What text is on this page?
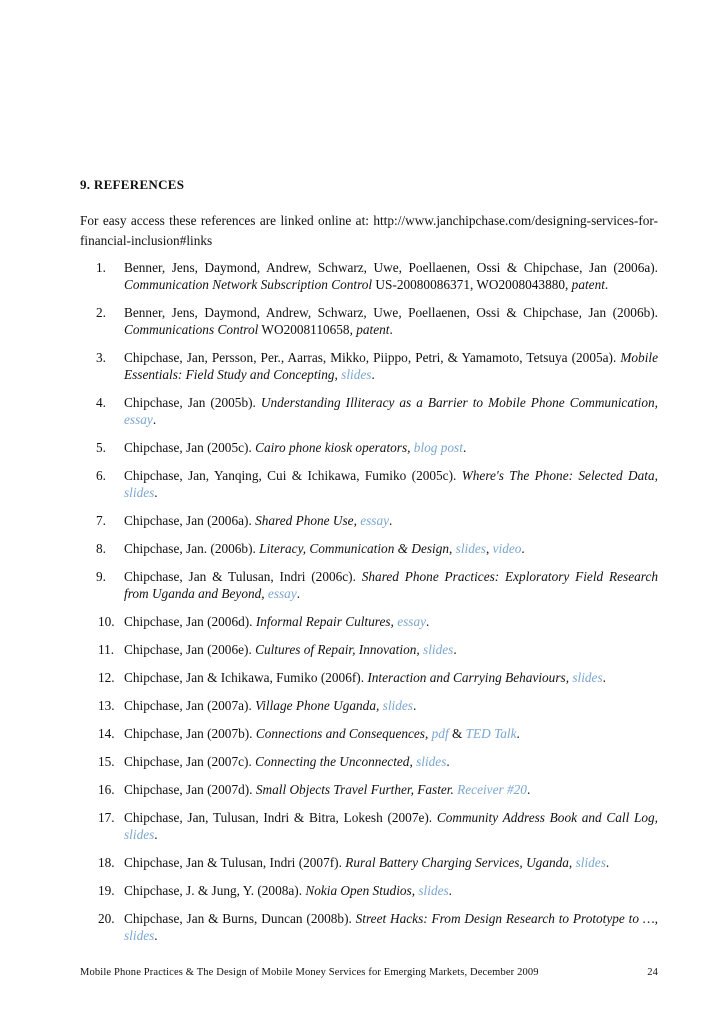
9. REFERENCES
For easy access these references are linked online at: http://www.janchipchase.com/designing-services-for-financial-inclusion#links
1.	Benner, Jens, Daymond, Andrew, Schwarz, Uwe, Poellaenen, Ossi & Chipchase, Jan (2006a). Communication Network Subscription Control US-20080086371, WO2008043880, patent.
2.	Benner, Jens, Daymond, Andrew, Schwarz, Uwe, Poellaenen, Ossi & Chipchase, Jan (2006b). Communications Control WO2008110658, patent.
3.	Chipchase, Jan, Persson, Per., Aarras, Mikko, Piippo, Petri, & Yamamoto, Tetsuya (2005a). Mobile Essentials: Field Study and Concepting, slides.
4.	Chipchase, Jan (2005b). Understanding Illiteracy as a Barrier to Mobile Phone Communication, essay.
5.	Chipchase, Jan (2005c). Cairo phone kiosk operators, blog post.
6.	Chipchase, Jan, Yanqing, Cui & Ichikawa, Fumiko (2005c). Where's The Phone: Selected Data, slides.
7.	Chipchase, Jan (2006a). Shared Phone Use, essay.
8.	Chipchase, Jan. (2006b). Literacy, Communication & Design, slides, video.
9.	Chipchase, Jan & Tulusan, Indri (2006c). Shared Phone Practices: Exploratory Field Research from Uganda and Beyond, essay.
10. Chipchase, Jan (2006d). Informal Repair Cultures, essay.
11. Chipchase, Jan (2006e). Cultures of Repair, Innovation, slides.
12. Chipchase, Jan & Ichikawa, Fumiko (2006f). Interaction and Carrying Behaviours, slides.
13. Chipchase, Jan (2007a). Village Phone Uganda, slides.
14. Chipchase, Jan (2007b). Connections and Consequences, pdf & TED Talk.
15. Chipchase, Jan (2007c). Connecting the Unconnected, slides.
16. Chipchase, Jan (2007d). Small Objects Travel Further, Faster. Receiver #20.
17. Chipchase, Jan, Tulusan, Indri & Bitra, Lokesh (2007e). Community Address Book and Call Log, slides.
18. Chipchase, Jan & Tulusan, Indri (2007f). Rural Battery Charging Services, Uganda, slides.
19. Chipchase, J. & Jung, Y. (2008a). Nokia Open Studios, slides.
20. Chipchase, Jan & Burns, Duncan (2008b). Street Hacks: From Design Research to Prototype to …, slides.
Mobile Phone Practices & The Design of Mobile Money Services for Emerging Markets, December 2009	24
